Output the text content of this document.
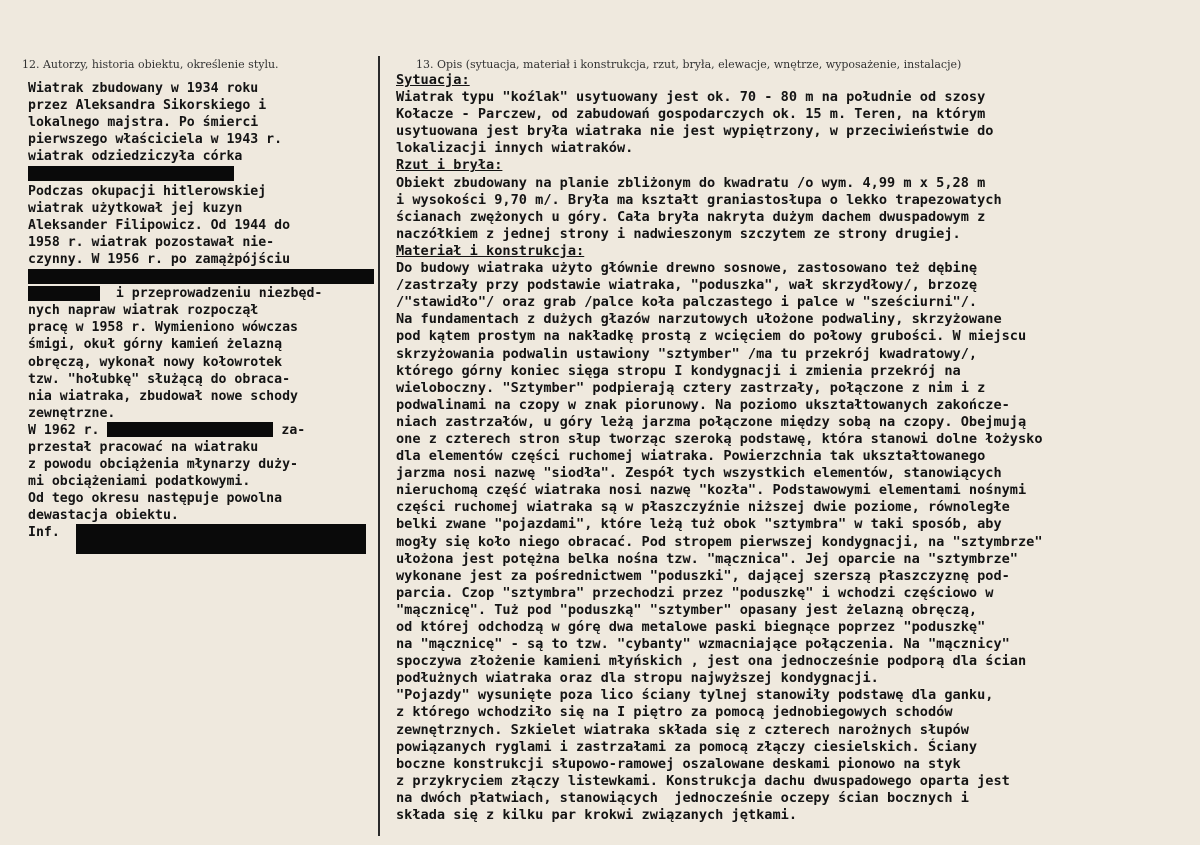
12. Autorzy, historia obiektu, określenie stylu.	13. Opis (sytuacja, materiał i konstrukcja, rzut, bryła, elewacje, wnętrze, wyposażenie, instalacje)
Wiatrak zbudowany w 1934 roku
przez Aleksandra Sikorskiego i
lokalnego majstra. Po śmierci
pierwszego właściciela w 1943 r.
wiatrak odziedziczyła córka
Podczas okupacji hitlerowskiej
wiatrak użytkował jej kuzyn
Aleksander Filipowicz. Od 1944 do
1958 r. wiatrak pozostawał nie-
czynny. W 1956 r. po zamążpójściu
i przeprowadzeniu niezbęd-
nych napraw wiatrak rozpoczął
pracę w 1958 r. Wymieniono wówczas
śmigi, okuł górny kamień żelazną
obręczą, wykonał nowy kołowrotek
tzw. "hołubkę" służącą do obraca-
nia wiatraka, zbudował nowe schody
zewnętrzne.
W 1962 r.	za-
przestał pracować na wiatraku
z powodu obciążenia młynarzy duży-
mi obciążeniami podatkowymi.
Od tego okresu następuje powolna
dewastacja obiektu.
Inf.
Sytuacja:
Wiatrak typu "koźlak" usytuowany jest ok. 70 - 80 m na południe od szosy
Kołacze - Parczew, od zabudowań gospodarczych ok. 15 m. Teren, na którym
usytuowana jest bryła wiatraka nie jest wypiętrzony, w przeciwieństwie do
lokalizacji innych wiatraków.
Rzut i bryła:
Obiekt zbudowany na planie zbliżonym do kwadratu /o wym. 4,99 m x 5,28 m
i wysokości 9,70 m/. Bryła ma kształt graniastosłupa o lekko trapezowatych
ścianach zwężonych u góry. Cała bryła nakryta dużym dachem dwuspadowym z
naczółkiem z jednej strony i nadwieszonym szczytem ze strony drugiej.
Materiał i konstrukcja:
Do budowy wiatraka użyto głównie drewno sosnowe, zastosowano też dębinę
/zastrzały przy podstawie wiatraka, "poduszka", wał skrzydłowy/, brzozę
/"stawidło"/ oraz grab /palce koła palczastego i palce w "sześciurni"/.
Na fundamentach z dużych głazów narzutowych ułożone podwaliny, skrzyżowane
pod kątem prostym na nakładkę prostą z wcięciem do połowy grubości. W miejscu
skrzyżowania podwalin ustawiony "sztymber" /ma tu przekrój kwadratowy/,
którego górny koniec sięga stropu I kondygnacji i zmienia przekrój na
wieloboczny. "Sztymber" podpierają cztery zastrzały, połączone z nim i z
podwalinami na czopy w znak piorunowy. Na poziomo ukształtowanych zakończe-
niach zastrzałów, u góry leżą jarzma połączone między sobą na czopy. Obejmują
one z czterech stron słup tworząc szeroką podstawę, która stanowi dolne łożysko
dla elementów części ruchomej wiatraka. Powierzchnia tak ukształtowanego
jarzma nosi nazwę "siodła". Zespół tych wszystkich elementów, stanowiących
nieruchomą część wiatraka nosi nazwę "kozła". Podstawowymi elementami nośnymi
części ruchomej wiatraka są w płaszczyźnie niższej dwie poziome, równoległe
belki zwane "pojazdami", które leżą tuż obok "sztymbra" w taki sposób, aby
mogły się koło niego obracać. Pod stropem pierwszej kondygnacji, na "sztymbrze"
ułożona jest potężna belka nośna tzw. "mącznica". Jej oparcie na "sztymbrze"
wykonane jest za pośrednictwem "poduszki", dającej szerszą płaszczyznę pod-
parcia. Czop "sztymbra" przechodzi przez "poduszkę" i wchodzi częściowo w
"mącznicę". Tuż pod "poduszką" "sztymber" opasany jest żelazną obręczą,
od której odchodzą w górę dwa metalowe paski biegnące poprzez "poduszkę"
na "mącznicę" - są to tzw. "cybanty" wzmacniające połączenia. Na "mącznicy"
spoczywa złożenie kamieni młyńskich , jest ona jednocześnie podporą dla ścian
podłużnych wiatraka oraz dla stropu najwyższej kondygnacji.
"Pojazdy" wysunięte poza lico ściany tylnej stanowiły podstawę dla ganku,
z którego wchodziło się na I piętro za pomocą jednobiegowych schodów
zewnętrznych. Szkielet wiatraka składa się z czterech narożnych słupów
powiązanych ryglami i zastrzałami za pomocą złączy ciesielskich. Ściany
boczne konstrukcji słupowo-ramowej oszalowane deskami pionowo na styk
z przykryciem złączy listewkami. Konstrukcja dachu dwuspadowego oparta jest
na dwóch płatwiach, stanowiących  jednocześnie oczepy ścian bocznych i
składa się z kilku par krokwi związanych jętkami.
